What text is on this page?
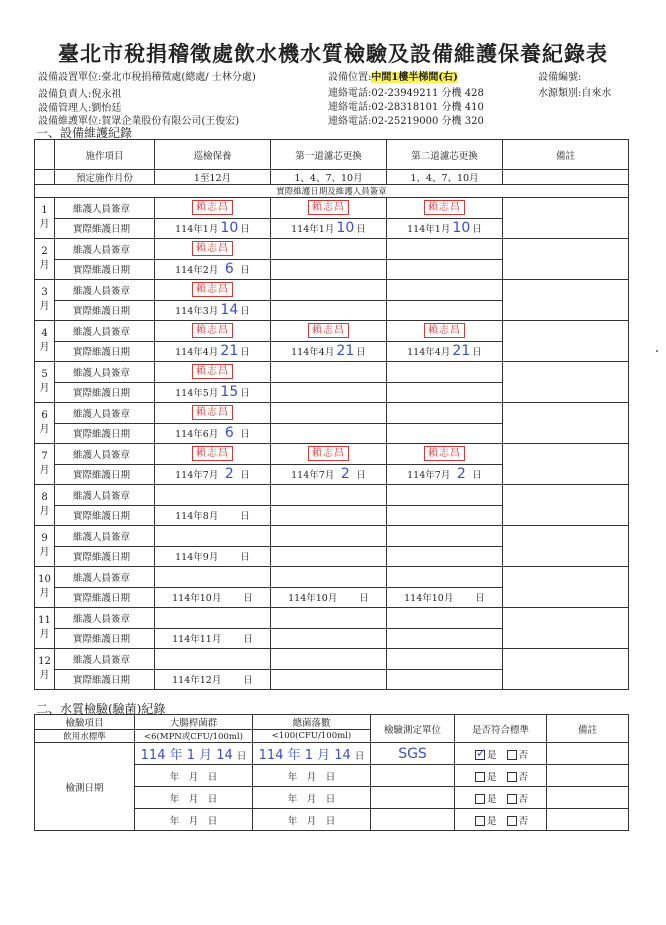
臺北市稅捐稽徵處飲水機水質檢驗及設備維護保養紀錄表
設備設置單位:臺北市稅捐稽徵處(總處/ 士林分處)
設備負責人:倪永祖
設備管理人:劉怡廷
設備維護單位:賀眾企業股份有限公司(王俊宏)
設備位置:中間1樓半梯間(右)
連絡電話:02-23949211 分機 428
連絡電話:02-28318101 分機 410
連絡電話:02-25219000 分機 320
設備編號:
水源類別:自來水
一、設備維護紀錄
	施作項目	巡檢保養	第一道濾芯更換	第二道濾芯更換	備註
	預定施作月份	1至12月	1、4、7、10月	1、4、7、10月	
實際維護日期及維護人員簽章					
1
月	維護人員簽章	賴志昌	賴志昌	賴志昌	
	實際維護日期	114年1月 10 日	114年1月 10 日	114年1月 10 日	
2
月	維護人員簽章	賴志昌			
	實際維護日期	114年2月 6 日			
3
月	維護人員簽章	賴志昌			
	實際維護日期	114年3月 14 日			
4
月	維護人員簽章	賴志昌	賴志昌	賴志昌	
	實際維護日期	114年4月 21 日	114年4月 21 日	114年4月 21 日	
5
月	維護人員簽章	賴志昌			
	實際維護日期	114年5月 15 日			
6
月	維護人員簽章	賴志昌			
	實際維護日期	114年6月 6 日			
7
月	維護人員簽章	賴志昌	賴志昌	賴志昌	
	實際維護日期	114年7月 2 日	114年7月 2 日	114年7月 2 日	
8
月	維護人員簽章				
	實際維護日期	114年8月 日			
9
月	維護人員簽章				
	實際維護日期	114年9月 日			
10
月	維護人員簽章				
	實際維護日期	114年10月 日	114年10月 日	114年10月 日	
11
月	維護人員簽章				
	實際維護日期	114年11月 日			
12
月	維護人員簽章				
	實際維護日期	114年12月 日			
二、水質檢驗(驗菌)紀錄
檢驗項目	大腸桿菌群	總菌落數	檢驗測定單位	是否符合標準	備註
飲用水標準	<6(MPN或CFU/100ml)	<100(CFU/100ml)			
檢測日期	114 年 1 月 14 日	114 年 1 月 14 日	SGS	✓是 否	
	年　月　日	年　月　日		是 否	
	年　月　日	年　月　日		是 否	
	年　月　日	年　月　日		是 否	
